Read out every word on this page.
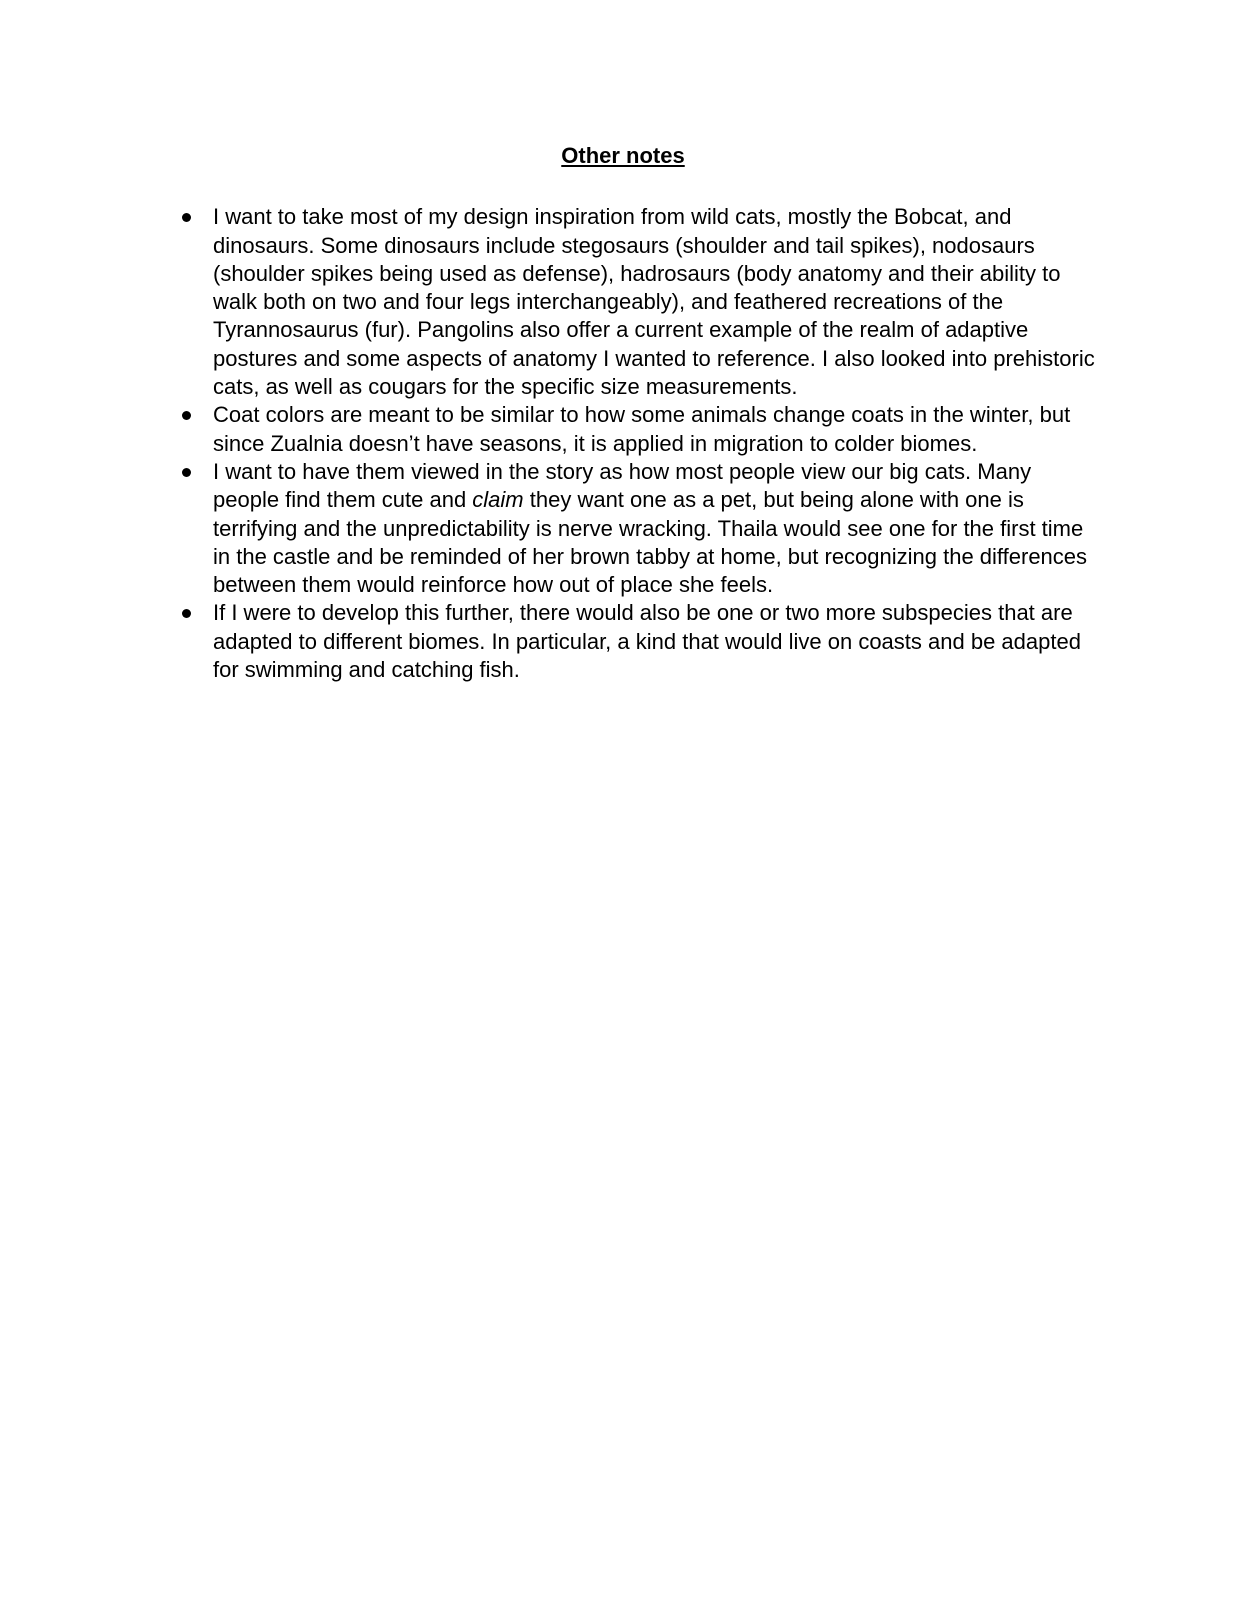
Other notes
I want to take most of my design inspiration from wild cats, mostly the Bobcat, and dinosaurs. Some dinosaurs include stegosaurs (shoulder and tail spikes), nodosaurs (shoulder spikes being used as defense), hadrosaurs (body anatomy and their ability to walk both on two and four legs interchangeably), and feathered recreations of the Tyrannosaurus (fur). Pangolins also offer a current example of the realm of adaptive postures and some aspects of anatomy I wanted to reference. I also looked into prehistoric cats, as well as cougars for the specific size measurements.
Coat colors are meant to be similar to how some animals change coats in the winter, but since Zualnia doesn’t have seasons, it is applied in migration to colder biomes.
I want to have them viewed in the story as how most people view our big cats. Many people find them cute and claim they want one as a pet, but being alone with one is terrifying and the unpredictability is nerve wracking. Thaila would see one for the first time in the castle and be reminded of her brown tabby at home, but recognizing the differences between them would reinforce how out of place she feels.
If I were to develop this further, there would also be one or two more subspecies that are adapted to different biomes. In particular, a kind that would live on coasts and be adapted for swimming and catching fish.
